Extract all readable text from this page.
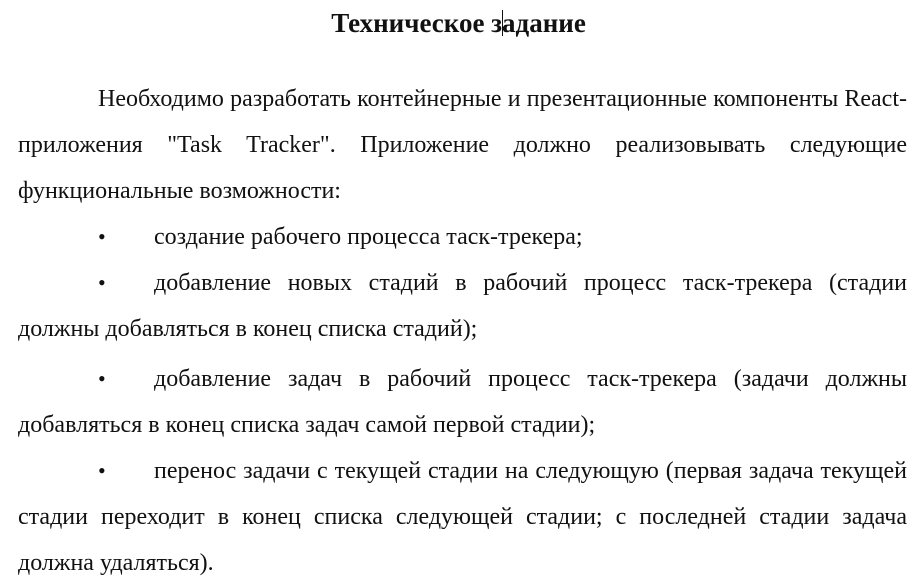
Техническое задание
Необходимо разработать контейнерные и презентационные компоненты React-приложения "Task Tracker". Приложение должно реализовывать следующие функциональные возможности:
• создание рабочего процесса таск-трекера;
• добавление новых стадий в рабочий процесс таск-трекера (стадии должны добавляться в конец списка стадий);
• добавление задач в рабочий процесс таск-трекера (задачи должны добавляться в конец списка задач самой первой стадии);
• перенос задачи с текущей стадии на следующую (первая задача текущей стадии переходит в конец списка следующей стадии; с последней стадии задача должна удаляться).
